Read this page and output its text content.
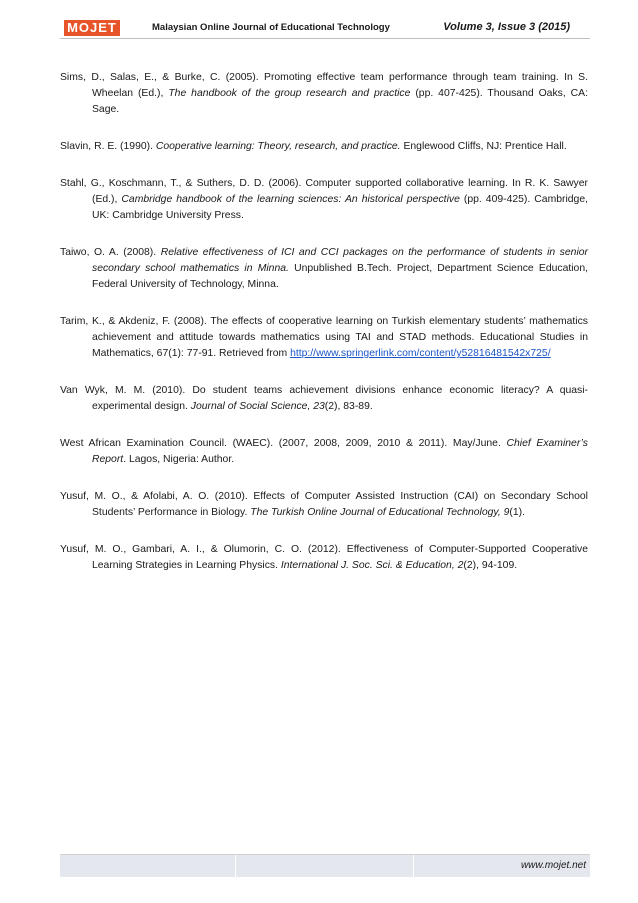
MOJET	Malaysian Online Journal of Educational Technology	Volume 3, Issue 3 (2015)

Sims, D., Salas, E., & Burke, C. (2005). Promoting effective team performance through team training. In S. Wheelan (Ed.), The handbook of the group research and practice (pp. 407-425). Thousand Oaks, CA: Sage.

Slavin, R. E. (1990). Cooperative learning: Theory, research, and practice. Englewood Cliffs, NJ: Prentice Hall.

Stahl, G., Koschmann, T., & Suthers, D. D. (2006). Computer supported collaborative learning. In R. K. Sawyer (Ed.), Cambridge handbook of the learning sciences: An historical perspective (pp. 409-425). Cambridge, UK: Cambridge University Press.

Taiwo, O. A. (2008). Relative effectiveness of ICI and CCI packages on the performance of students in senior secondary school mathematics in Minna. Unpublished B.Tech. Project, Department Science Education, Federal University of Technology, Minna.

Tarim, K., & Akdeniz, F. (2008). The effects of cooperative learning on Turkish elementary students’ mathematics achievement and attitude towards mathematics using TAI and STAD methods. Educational Studies in Mathematics, 67(1): 77-91. Retrieved from http://www.springerlink.com/content/y52816481542x725/

Van Wyk, M. M. (2010). Do student teams achievement divisions enhance economic literacy? A quasi-experimental design. Journal of Social Science, 23(2), 83-89.

West African Examination Council. (WAEC). (2007, 2008, 2009, 2010 & 2011). May/June. Chief Examiner’s Report. Lagos, Nigeria: Author.

Yusuf, M. O., & Afolabi, A. O. (2010). Effects of Computer Assisted Instruction (CAI) on Secondary School Students’ Performance in Biology. The Turkish Online Journal of Educational Technology, 9(1).

Yusuf, M. O., Gambari, A. I., & Olumorin, C. O. (2012). Effectiveness of Computer-Supported Cooperative Learning Strategies in Learning Physics. International J. Soc. Sci. & Education, 2(2), 94-109.

www.mojet.net
